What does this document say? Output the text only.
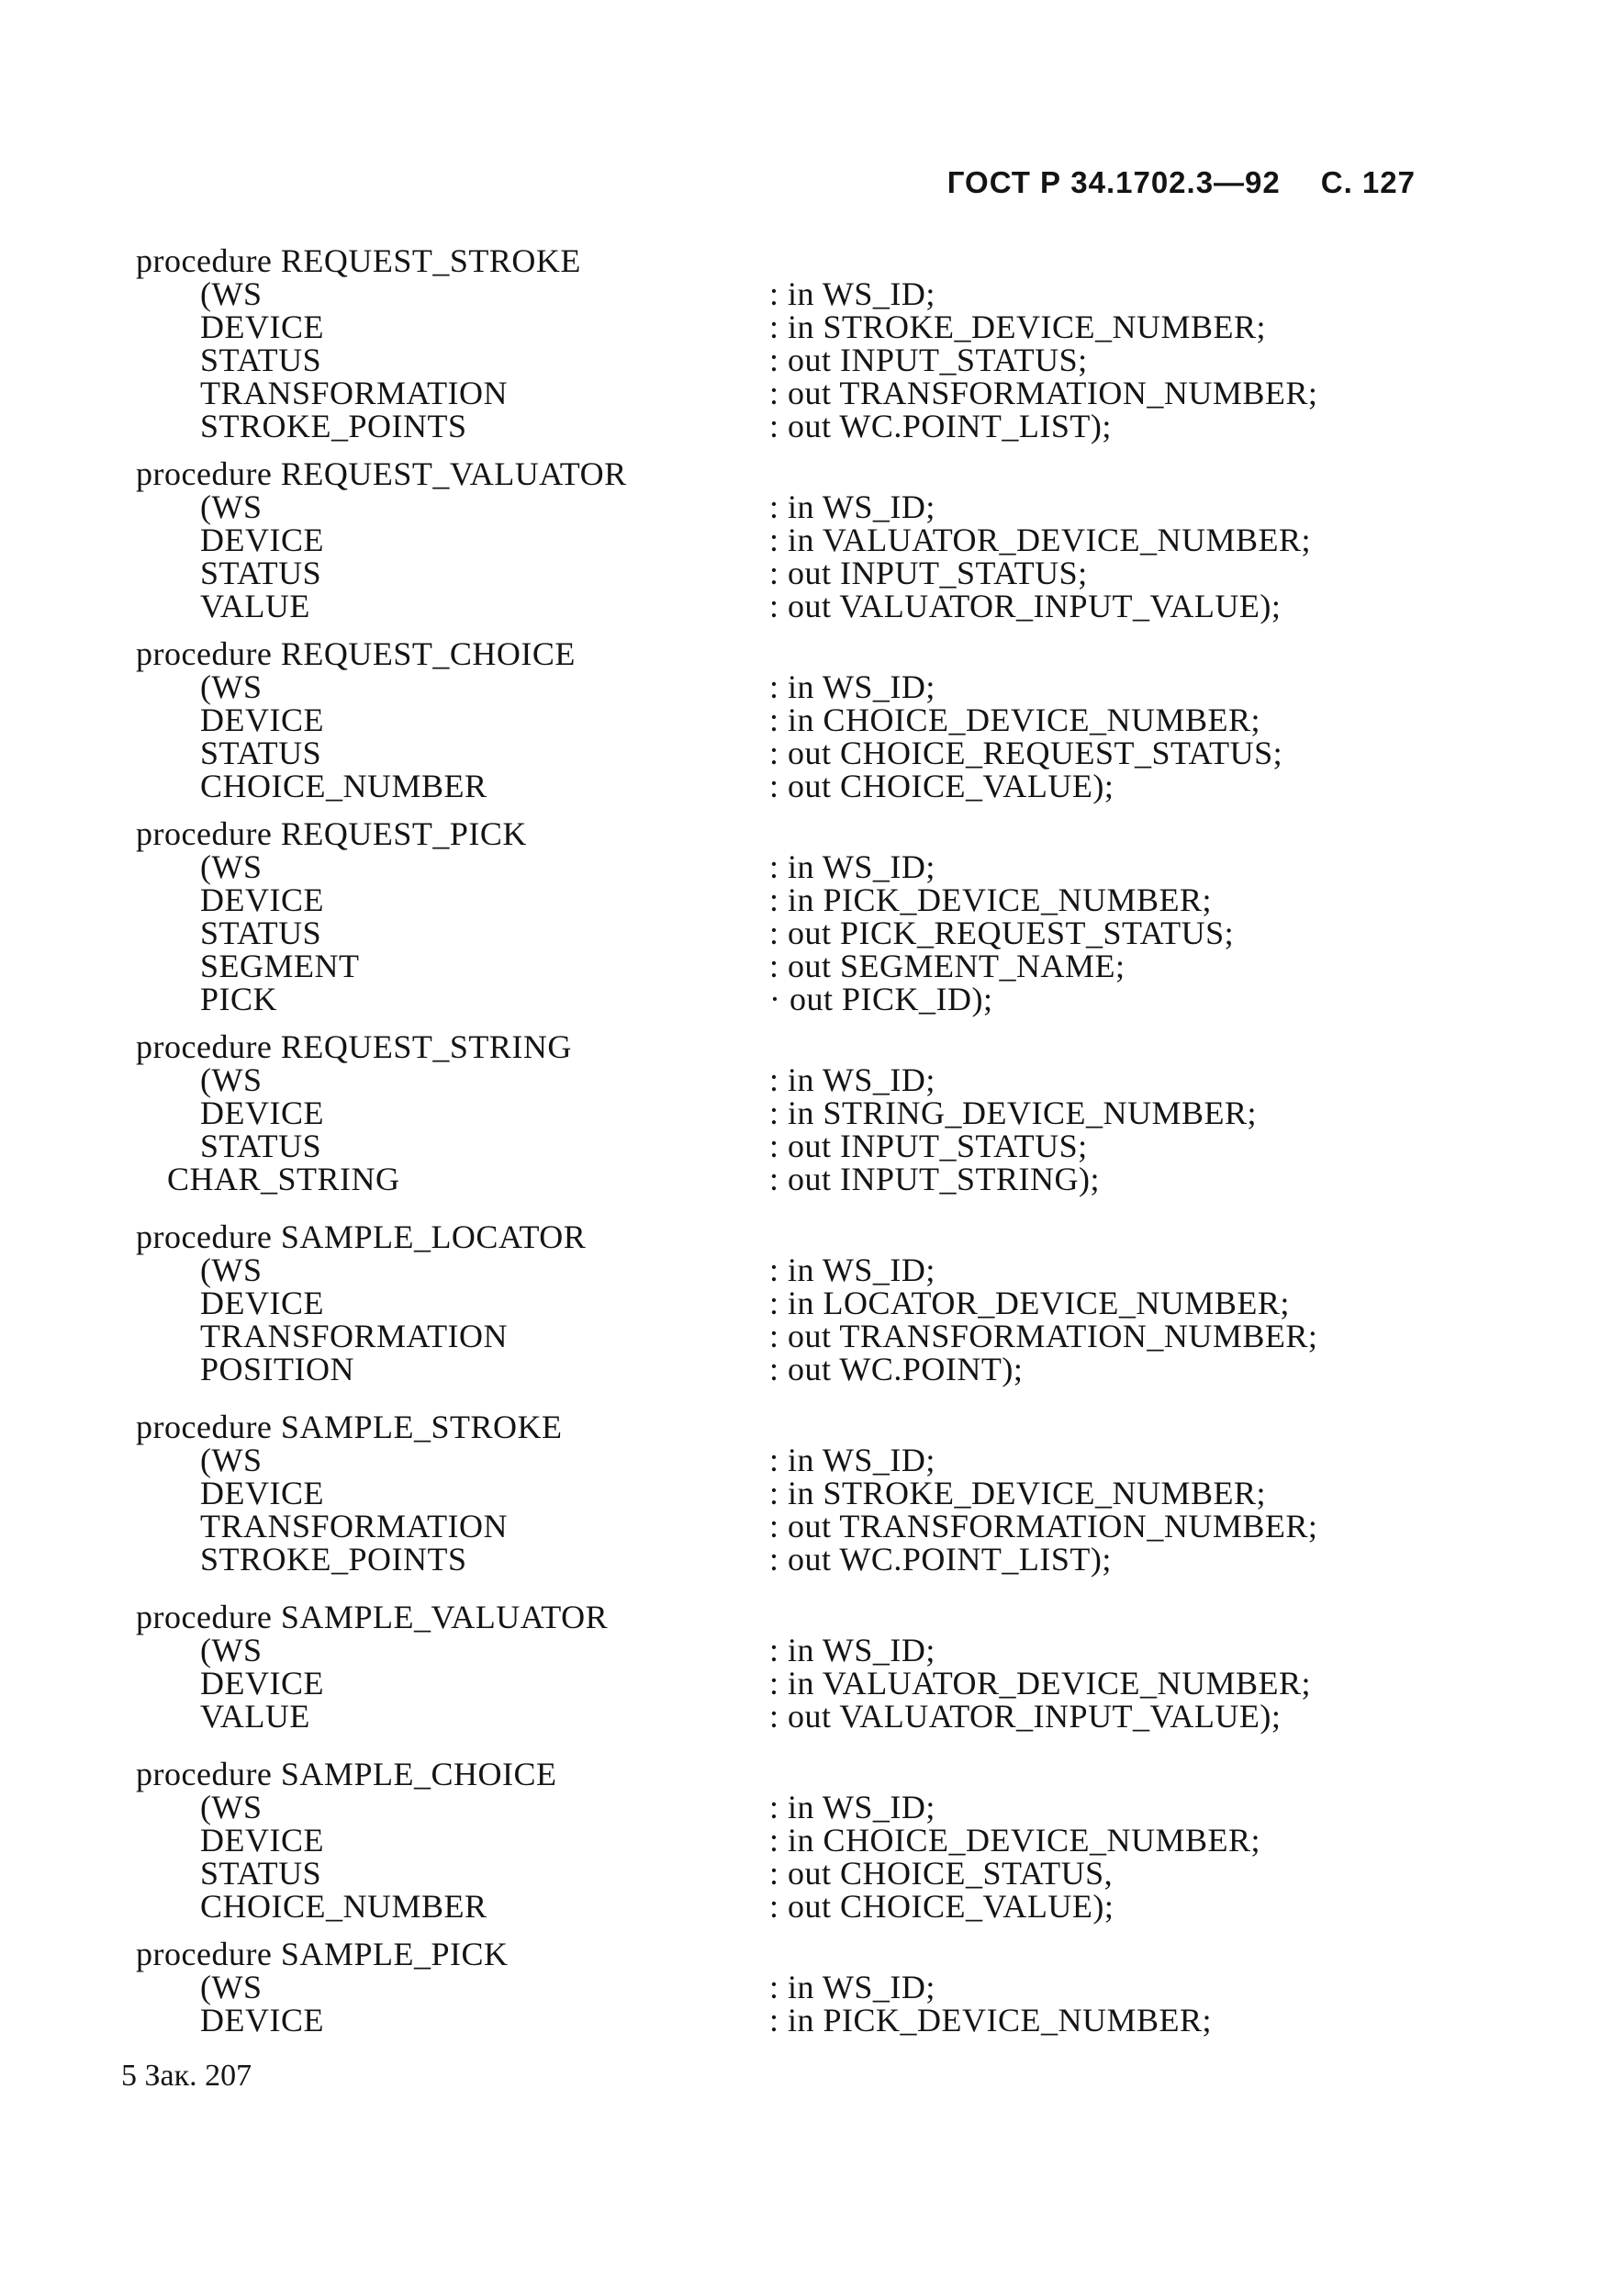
ГОСТ Р 34.1702.3—92 С. 127
procedure REQUEST_STROKE
(WS	: in WS_ID;
DEVICE	: in STROKE_DEVICE_NUMBER;
STATUS	: out INPUT_STATUS;
TRANSFORMATION	: out TRANSFORMATION_NUMBER;
STROKE_POINTS	: out WC.POINT_LIST);
procedure REQUEST_VALUATOR
(WS	: in WS_ID;
DEVICE	: in VALUATOR_DEVICE_NUMBER;
STATUS	: out INPUT_STATUS;
VALUE	: out VALUATOR_INPUT_VALUE);
procedure REQUEST_CHOICE
(WS	: in WS_ID;
DEVICE	: in CHOICE_DEVICE_NUMBER;
STATUS	: out CHOICE_REQUEST_STATUS;
CHOICE_NUMBER	: out CHOICE_VALUE);
procedure REQUEST_PICK
(WS	: in WS_ID;
DEVICE	: in PICK_DEVICE_NUMBER;
STATUS	: out PICK_REQUEST_STATUS;
SEGMENT	: out SEGMENT_NAME;
PICK	· out PICK_ID);
procedure REQUEST_STRING
(WS	: in WS_ID;
DEVICE	: in STRING_DEVICE_NUMBER;
STATUS	: out INPUT_STATUS;
CHAR_STRING	: out INPUT_STRING);
procedure SAMPLE_LOCATOR
(WS	: in WS_ID;
DEVICE	: in LOCATOR_DEVICE_NUMBER;
TRANSFORMATION	: out TRANSFORMATION_NUMBER;
POSITION	: out WC.POINT);
procedure SAMPLE_STROKE
(WS	: in WS_ID;
DEVICE	: in STROKE_DEVICE_NUMBER;
TRANSFORMATION	: out TRANSFORMATION_NUMBER;
STROKE_POINTS	: out WC.POINT_LIST);
procedure SAMPLE_VALUATOR
(WS	: in WS_ID;
DEVICE	: in VALUATOR_DEVICE_NUMBER;
VALUE	: out VALUATOR_INPUT_VALUE);
procedure SAMPLE_CHOICE
(WS	: in WS_ID;
DEVICE	: in CHOICE_DEVICE_NUMBER;
STATUS	: out CHOICE_STATUS,
CHOICE_NUMBER	: out CHOICE_VALUE);
procedure SAMPLE_PICK
(WS	: in WS_ID;
DEVICE	: in PICK_DEVICE_NUMBER;
5 Зак. 207
